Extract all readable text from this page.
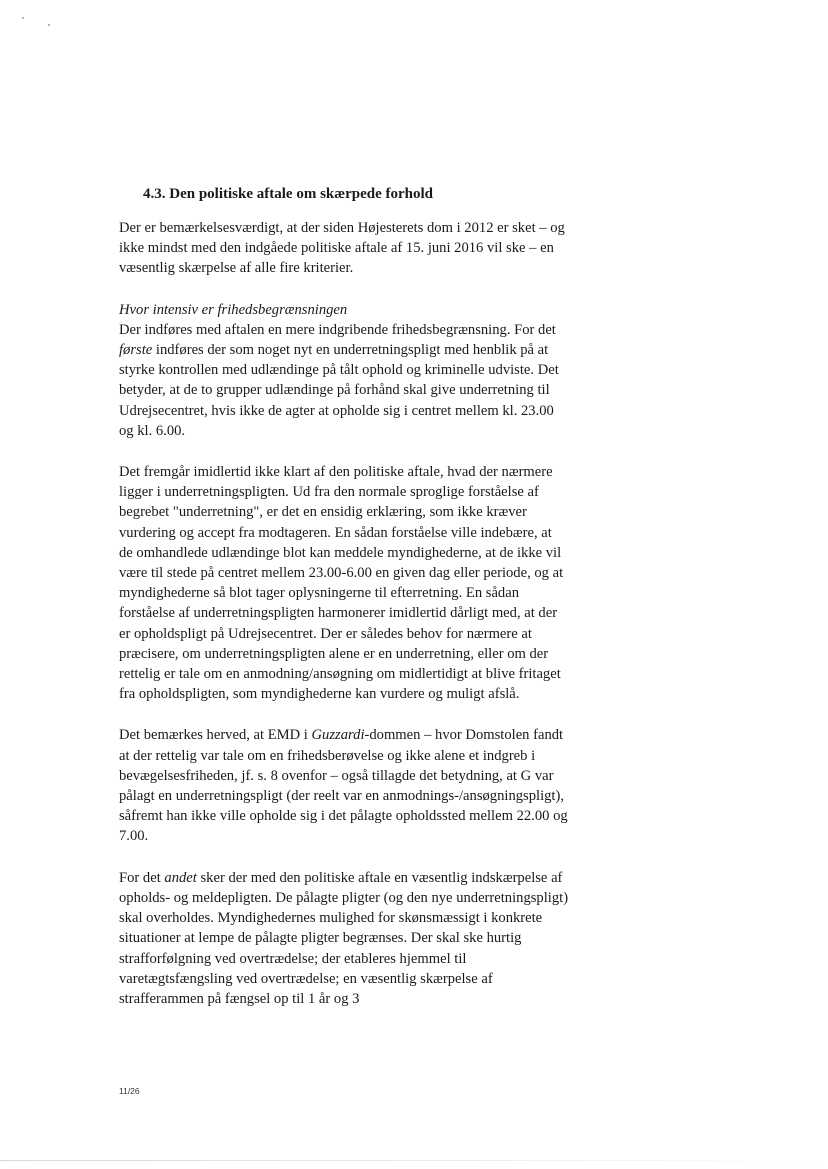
4.3. Den politiske aftale om skærpede forhold

Der er bemærkelsesværdigt, at der siden Højesterets dom i 2012 er sket – og ikke mindst med den indgåede politiske aftale af 15. juni 2016 vil ske – en væsentlig skærpelse af alle fire kriterier.

Hvor intensiv er frihedsbegrænsningen
Der indføres med aftalen en mere indgribende frihedsbegrænsning. For det første indføres der som noget nyt en underretningspligt med henblik på at styrke kontrollen med udlændinge på tålt ophold og kriminelle udviste. Det betyder, at de to grupper udlændinge på forhånd skal give underretning til Udrejsecentret, hvis ikke de agter at opholde sig i centret mellem kl. 23.00 og kl. 6.00.

Det fremgår imidlertid ikke klart af den politiske aftale, hvad der nærmere ligger i underretningspligten. Ud fra den normale sproglige forståelse af begrebet "underretning", er det en ensidig erklæring, som ikke kræver vurdering og accept fra modtageren. En sådan forståelse ville indebære, at de omhandlede udlændinge blot kan meddele myndighederne, at de ikke vil være til stede på centret mellem 23.00-6.00 en given dag eller periode, og at myndighederne så blot tager oplysningerne til efterretning. En sådan forståelse af underretningspligten harmonerer imidlertid dårligt med, at der er opholdspligt på Udrejsecentret. Der er således behov for nærmere at præcisere, om underretningspligten alene er en underretning, eller om der rettelig er tale om en anmodning/ansøgning om midlertidigt at blive fritaget fra opholdspligten, som myndighederne kan vurdere og muligt afslå.

Det bemærkes herved, at EMD i Guzzardi-dommen – hvor Domstolen fandt at der rettelig var tale om en frihedsberøvelse og ikke alene et indgreb i bevægelsesfriheden, jf. s. 8 ovenfor – også tillagde det betydning, at G var pålagt en underretningspligt (der reelt var en anmodnings-/ansøgningspligt), såfremt han ikke ville opholde sig i det pålagte opholdssted mellem 22.00 og 7.00.

For det andet sker der med den politiske aftale en væsentlig indskærpelse af opholds- og meldepligten. De pålagte pligter (og den nye underretningspligt) skal overholdes. Myndighedernes mulighed for skønsmæssigt i konkrete situationer at lempe de pålagte pligter begrænses. Der skal ske hurtig strafforfølgning ved overtrædelse; der etableres hjemmel til varetægtsfængsling ved overtrædelse; en væsentlig skærpelse af strafferammen på fængsel op til 1 år og 3

11/26
